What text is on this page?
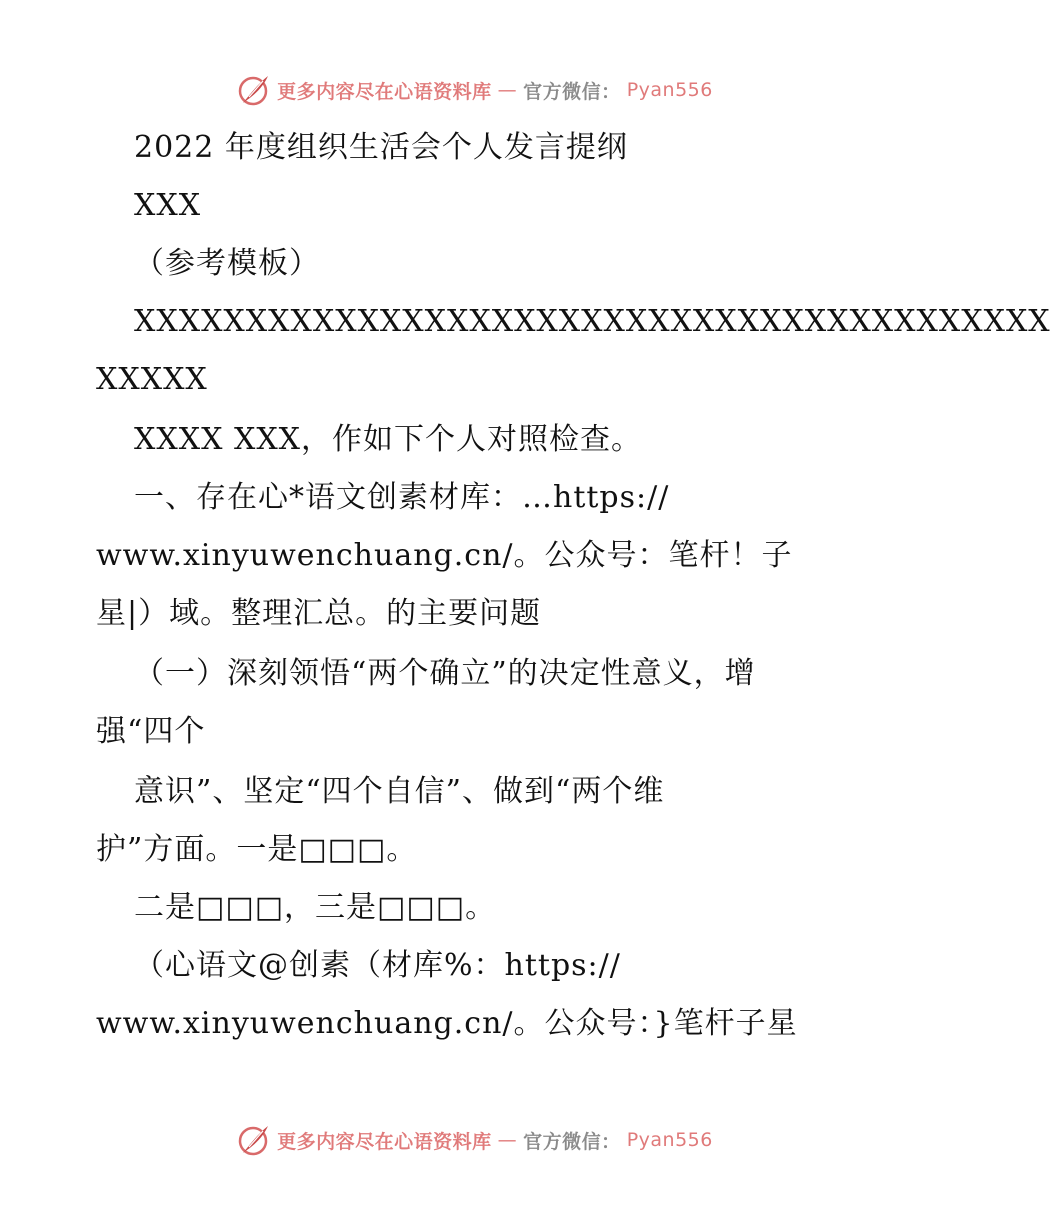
更多内容尽在心语资料库 — 官方微信： Pyan556
2022 年度组织生活会个人发言提纲
XXX
（参考模板）
XXXXXXXXXXXXXXXXXXXXXXXXXXXXXXXXXXXXXXXXX
XXXXX
XXXX XXX，作如下个人对照检查。
一、存在心*语文创素材库：…https://
www.xinyuwenchuang.cn/。公众号：笔杆！子
星|）域。整理汇总。的主要问题
（一）深刻领悟“两个确立”的决定性意义，增
强“四个
意识”、坚定“四个自信”、做到“两个维
护”方面。一是□□□。
二是□□□，三是□□□。
（心语文@创素（材库%：https://
www.xinyuwenchuang.cn/。公众号：}笔杆子星
更多内容尽在心语资料库 — 官方微信： Pyan556
